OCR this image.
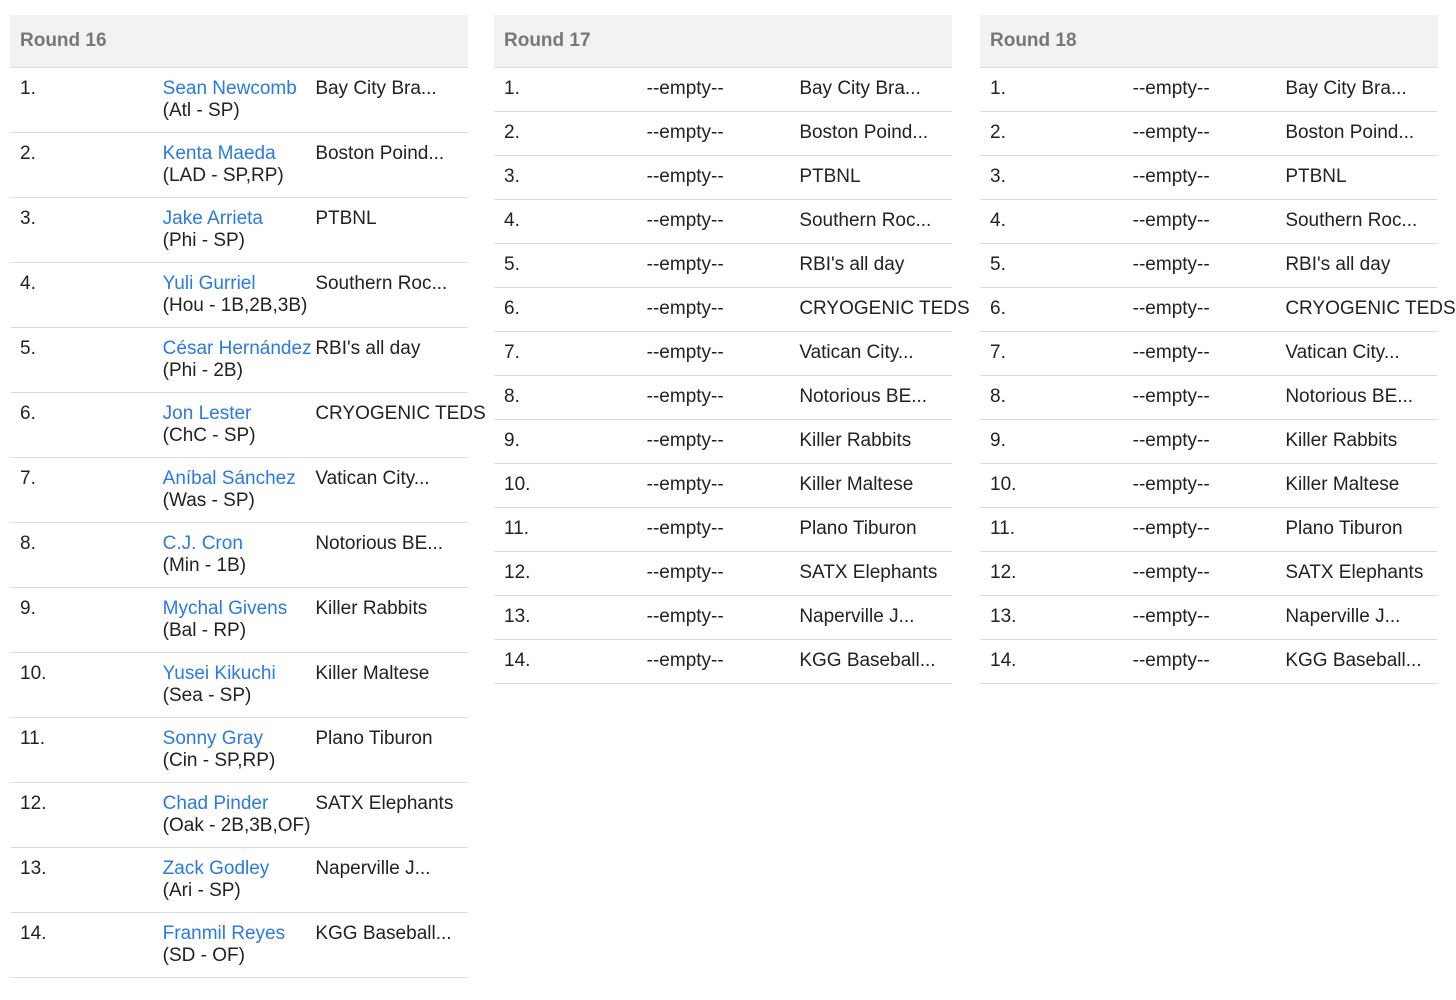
Round 16		
1.	Sean Newcomb
(Atl - SP)	Bay City Bra...
2.	Kenta Maeda
(LAD - SP,RP)	Boston Poind...
3.	Jake Arrieta
(Phi - SP)	PTBNL
4.	Yuli Gurriel
(Hou - 1B,2B,3B)	Southern Roc...
5.	César Hernández
(Phi - 2B)	RBI's all day
6.	Jon Lester
(ChC - SP)	CRYOGENIC TEDS
7.	Aníbal Sánchez
(Was - SP)	Vatican City...
8.	C.J. Cron
(Min - 1B)	Notorious BE...
9.	Mychal Givens
(Bal - RP)	Killer Rabbits
10.	Yusei Kikuchi
(Sea - SP)	Killer Maltese
11.	Sonny Gray
(Cin - SP,RP)	Plano Tiburon
12.	Chad Pinder
(Oak - 2B,3B,OF)	SATX Elephants
13.	Zack Godley
(Ari - SP)	Naperville J...
14.	Franmil Reyes
(SD - OF)	KGG Baseball...
Round 17		
1.	--empty--	Bay City Bra...
2.	--empty--	Boston Poind...
3.	--empty--	PTBNL
4.	--empty--	Southern Roc...
5.	--empty--	RBI's all day
6.	--empty--	CRYOGENIC TEDS
7.	--empty--	Vatican City...
8.	--empty--	Notorious BE...
9.	--empty--	Killer Rabbits
10.	--empty--	Killer Maltese
11.	--empty--	Plano Tiburon
12.	--empty--	SATX Elephants
13.	--empty--	Naperville J...
14.	--empty--	KGG Baseball...
Round 18		
1.	--empty--	Bay City Bra...
2.	--empty--	Boston Poind...
3.	--empty--	PTBNL
4.	--empty--	Southern Roc...
5.	--empty--	RBI's all day
6.	--empty--	CRYOGENIC TEDS
7.	--empty--	Vatican City...
8.	--empty--	Notorious BE...
9.	--empty--	Killer Rabbits
10.	--empty--	Killer Maltese
11.	--empty--	Plano Tiburon
12.	--empty--	SATX Elephants
13.	--empty--	Naperville J...
14.	--empty--	KGG Baseball...
